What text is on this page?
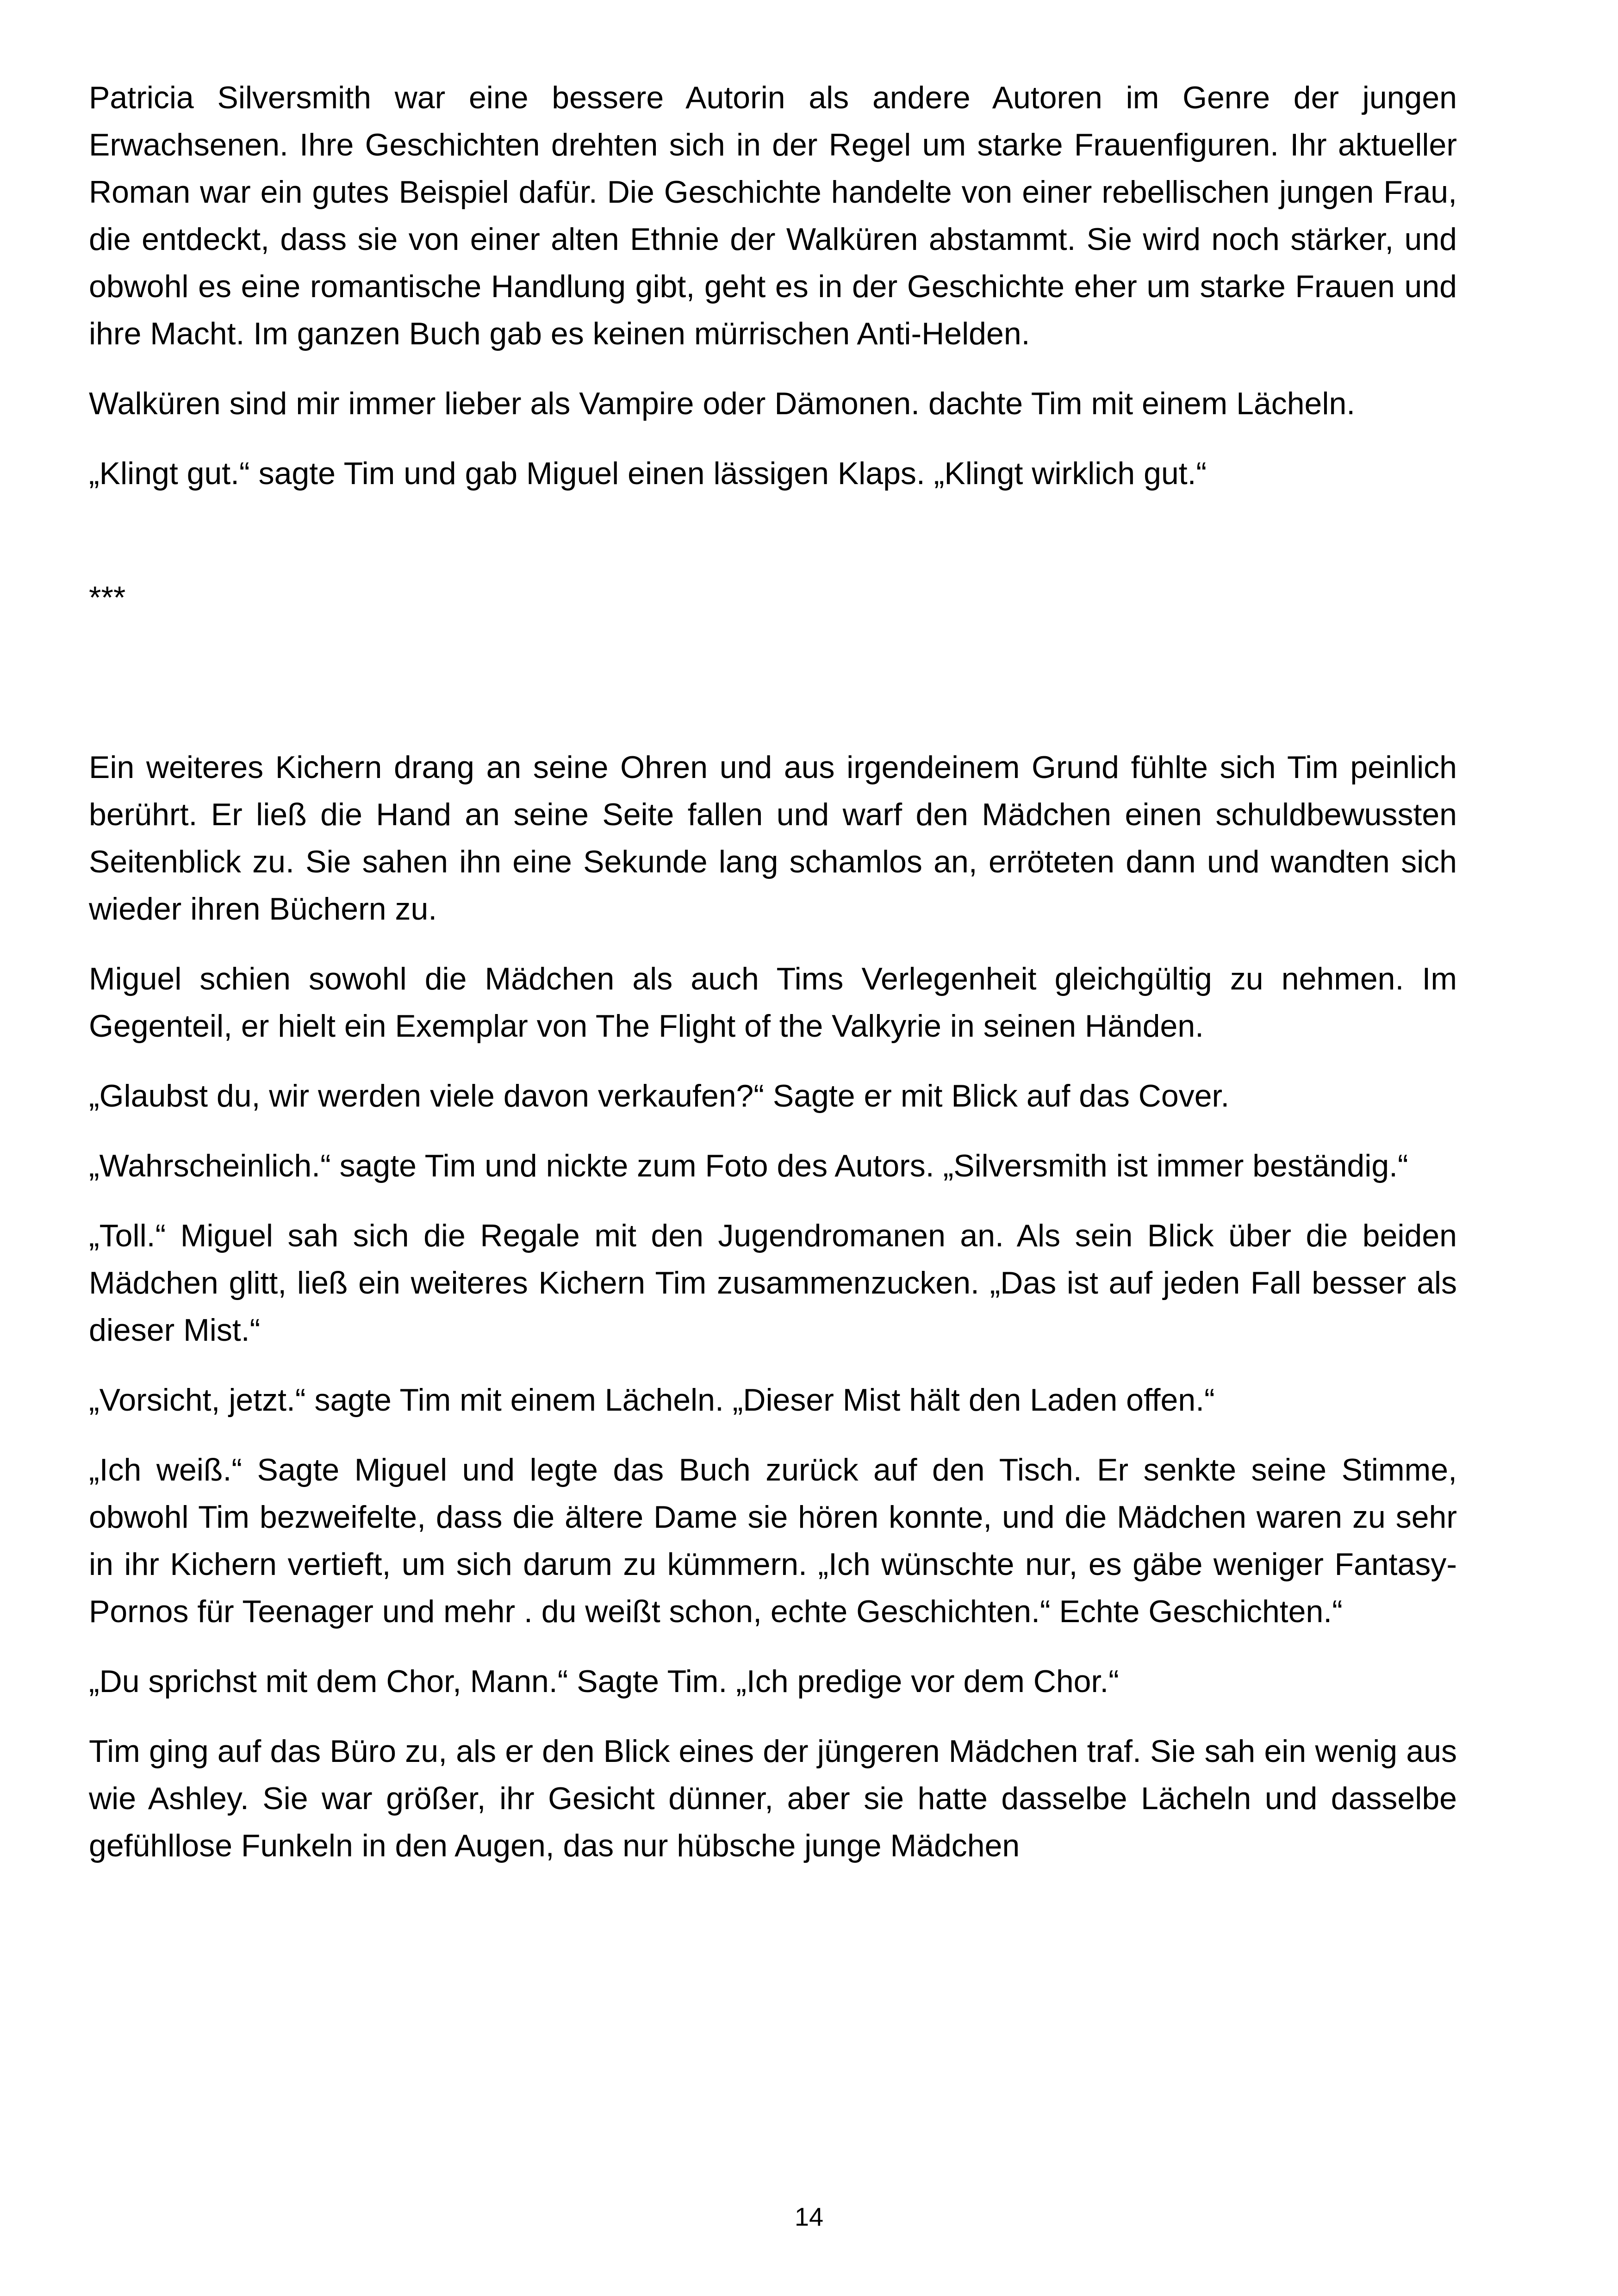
Patricia Silversmith war eine bessere Autorin als andere Autoren im Genre der jungen Erwachsenen. Ihre Geschichten drehten sich in der Regel um starke Frauenfiguren. Ihr aktueller Roman war ein gutes Beispiel dafür. Die Geschichte handelte von einer rebellischen jungen Frau, die entdeckt, dass sie von einer alten Ethnie der Walküren abstammt. Sie wird noch stärker, und obwohl es eine romantische Handlung gibt, geht es in der Geschichte eher um starke Frauen und ihre Macht. Im ganzen Buch gab es keinen mürrischen Anti-Helden.

Walküren sind mir immer lieber als Vampire oder Dämonen. dachte Tim mit einem Lächeln.

„Klingt gut.“ sagte Tim und gab Miguel einen lässigen Klaps. „Klingt wirklich gut.“

***

Ein weiteres Kichern drang an seine Ohren und aus irgendeinem Grund fühlte sich Tim peinlich berührt. Er ließ die Hand an seine Seite fallen und warf den Mädchen einen schuldbewussten Seitenblick zu. Sie sahen ihn eine Sekunde lang schamlos an, erröteten dann und wandten sich wieder ihren Büchern zu.

Miguel schien sowohl die Mädchen als auch Tims Verlegenheit gleichgültig zu nehmen. Im Gegenteil, er hielt ein Exemplar von The Flight of the Valkyrie in seinen Händen.

„Glaubst du, wir werden viele davon verkaufen?“ Sagte er mit Blick auf das Cover.

„Wahrscheinlich.“ sagte Tim und nickte zum Foto des Autors. „Silversmith ist immer beständig.“

„Toll.“ Miguel sah sich die Regale mit den Jugendromanen an. Als sein Blick über die beiden Mädchen glitt, ließ ein weiteres Kichern Tim zusammenzucken. „Das ist auf jeden Fall besser als dieser Mist.“

„Vorsicht, jetzt.“ sagte Tim mit einem Lächeln. „Dieser Mist hält den Laden offen.“

„Ich weiß.“ Sagte Miguel und legte das Buch zurück auf den Tisch. Er senkte seine Stimme, obwohl Tim bezweifelte, dass die ältere Dame sie hören konnte, und die Mädchen waren zu sehr in ihr Kichern vertieft, um sich darum zu kümmern. „Ich wünschte nur, es gäbe weniger Fantasy-Pornos für Teenager und mehr . du weißt schon, echte Geschichten.“ Echte Geschichten.“

„Du sprichst mit dem Chor, Mann.“ Sagte Tim. „Ich predige vor dem Chor.“

Tim ging auf das Büro zu, als er den Blick eines der jüngeren Mädchen traf. Sie sah ein wenig aus wie Ashley. Sie war größer, ihr Gesicht dünner, aber sie hatte dasselbe Lächeln und dasselbe gefühllose Funkeln in den Augen, das nur hübsche junge Mädchen

14
